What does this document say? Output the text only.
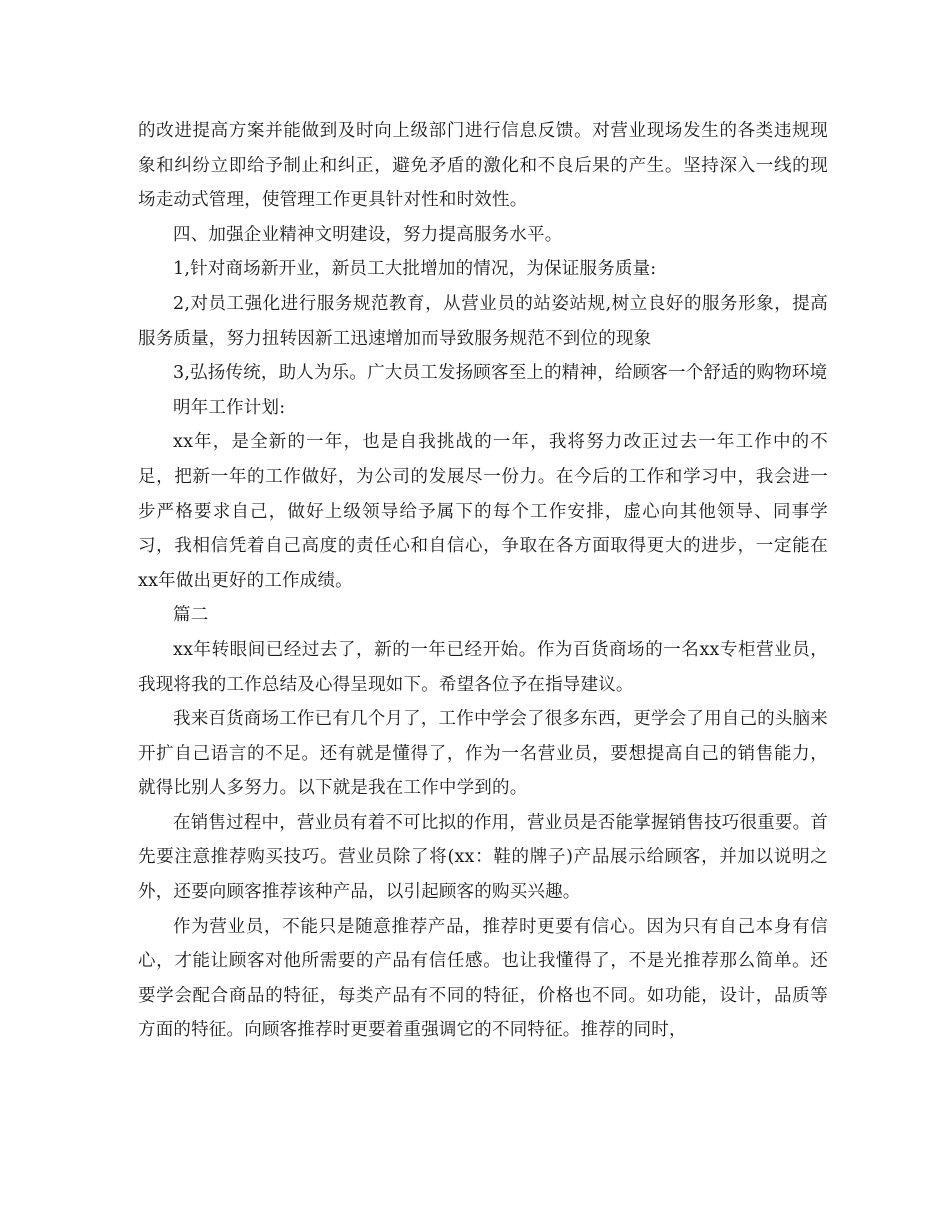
的改进提高方案并能做到及时向上级部门进行信息反馈。对营业现场发生的各类违规现象和纠纷立即给予制止和纠正，避免矛盾的激化和不良后果的产生。坚持深入一线的现场走动式管理，使管理工作更具针对性和时效性。

四、加强企业精神文明建设，努力提高服务水平。

1,针对商场新开业，新员工大批增加的情况，为保证服务质量:

2,对员工强化进行服务规范教育，从营业员的站姿站规,树立良好的服务形象，提高服务质量，努力扭转因新工迅速增加而导致服务规范不到位的现象

3,弘扬传统，助人为乐。广大员工发扬顾客至上的精神，给顾客一个舒适的购物环境

明年工作计划:

xx年，是全新的一年，也是自我挑战的一年，我将努力改正过去一年工作中的不足，把新一年的工作做好，为公司的发展尽一份力。在今后的工作和学习中，我会进一步严格要求自己，做好上级领导给予属下的每个工作安排，虚心向其他领导、同事学习，我相信凭着自己高度的责任心和自信心，争取在各方面取得更大的进步，一定能在xx年做出更好的工作成绩。

篇二

xx年转眼间已经过去了，新的一年已经开始。作为百货商场的一名xx专柜营业员，我现将我的工作总结及心得呈现如下。希望各位予在指导建议。

我来百货商场工作已有几个月了，工作中学会了很多东西，更学会了用自己的头脑来开扩自己语言的不足。还有就是懂得了，作为一名营业员，要想提高自己的销售能力，就得比别人多努力。以下就是我在工作中学到的。

在销售过程中，营业员有着不可比拟的作用，营业员是否能掌握销售技巧很重要。首先要注意推荐购买技巧。营业员除了将(xx：鞋的牌子)产品展示给顾客，并加以说明之外，还要向顾客推荐该种产品，以引起顾客的购买兴趣。

作为营业员，不能只是随意推荐产品，推荐时更要有信心。因为只有自己本身有信心，才能让顾客对他所需要的产品有信任感。也让我懂得了，不是光推荐那么简单。还要学会配合商品的特征，每类产品有不同的特征，价格也不同。如功能，设计，品质等方面的特征。向顾客推荐时更要着重强调它的不同特征。推荐的同时，
